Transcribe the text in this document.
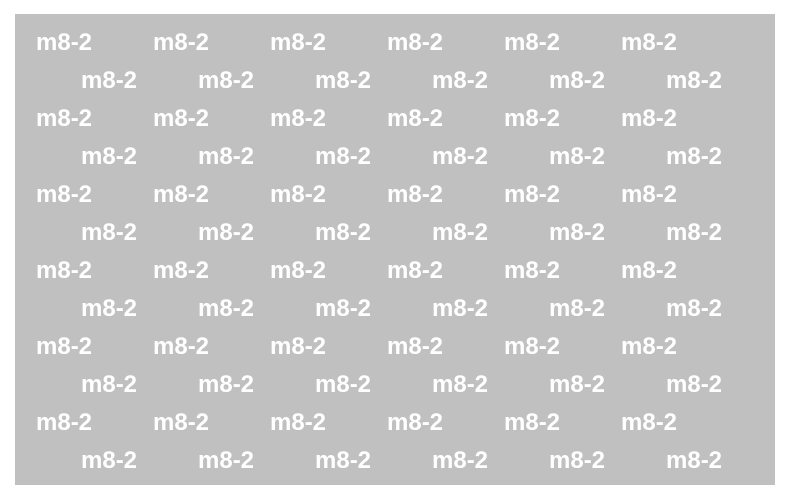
m8-2	m8-2	m8-2	m8-2	m8-2	m8-2
m8-2	m8-2	m8-2	m8-2	m8-2	m8-2
m8-2	m8-2	m8-2	m8-2	m8-2	m8-2
m8-2	m8-2	m8-2	m8-2	m8-2	m8-2
m8-2	m8-2	m8-2	m8-2	m8-2	m8-2
m8-2	m8-2	m8-2	m8-2	m8-2	m8-2
m8-2	m8-2	m8-2	m8-2	m8-2	m8-2
m8-2	m8-2	m8-2	m8-2	m8-2	m8-2
m8-2	m8-2	m8-2	m8-2	m8-2	m8-2
m8-2	m8-2	m8-2	m8-2	m8-2	m8-2
m8-2	m8-2	m8-2	m8-2	m8-2	m8-2
m8-2	m8-2	m8-2	m8-2	m8-2	m8-2
